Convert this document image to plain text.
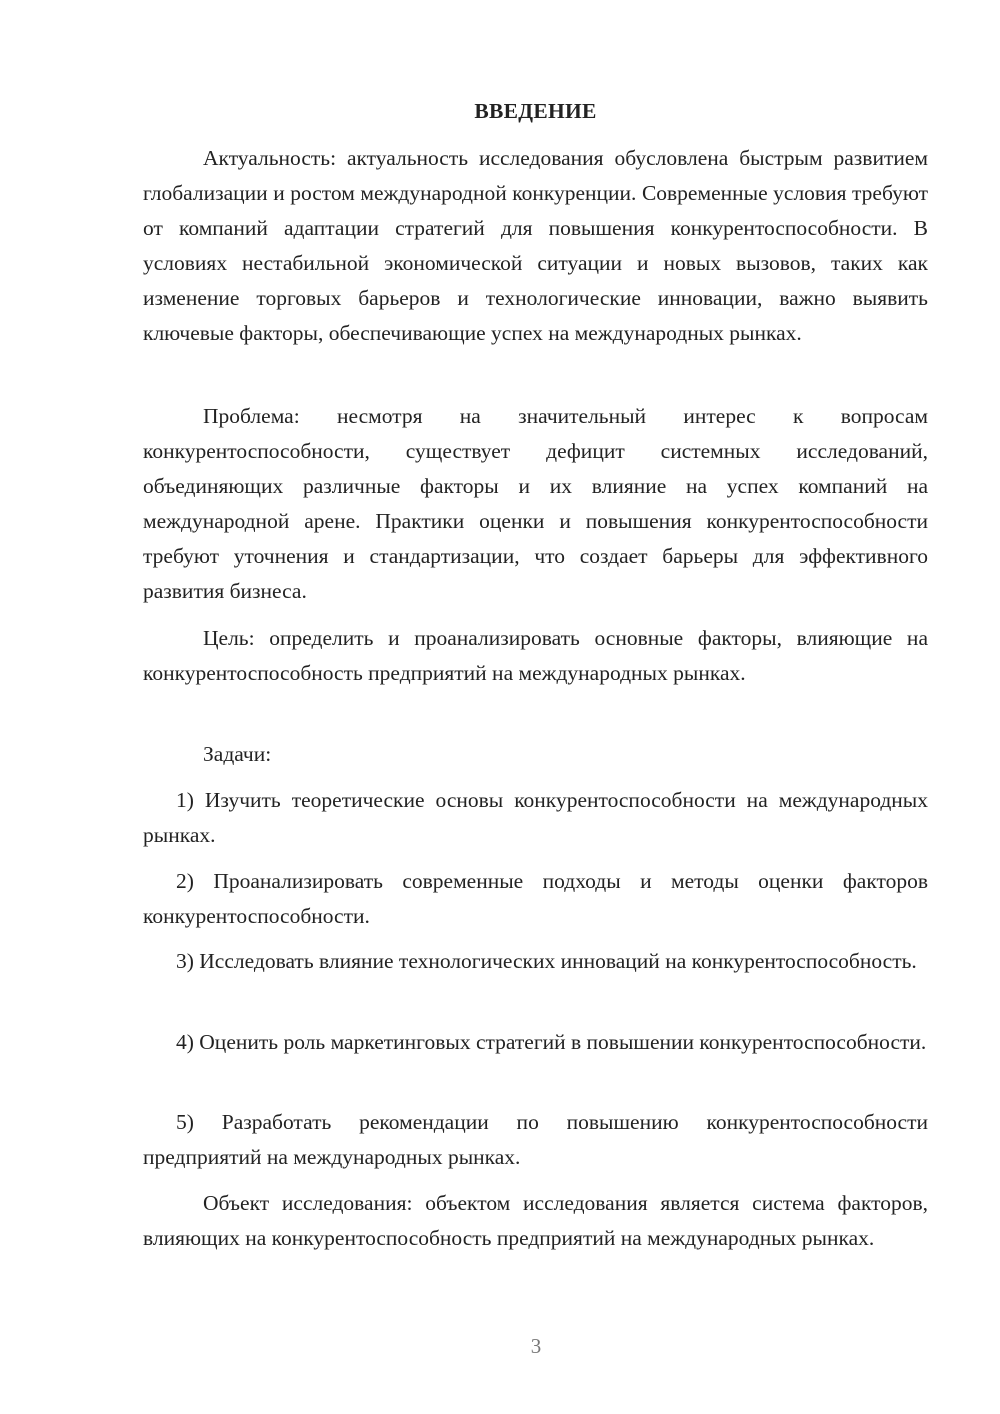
ВВЕДЕНИЕ

Актуальность: актуальность исследования обусловлена быстрым развитием глобализации и ростом международной конкуренции. Современные условия требуют от компаний адаптации стратегий для повышения конкурентоспособности. В условиях нестабильной экономической ситуации и новых вызовов, таких как изменение торговых барьеров и технологические инновации, важно выявить ключевые факторы, обеспечивающие успех на международных рынках.

Проблема: несмотря на значительный интерес к вопросам конкурентоспособности, существует дефицит системных исследований, объединяющих различные факторы и их влияние на успех компаний на международной арене. Практики оценки и повышения конкурентоспособности требуют уточнения и стандартизации, что создает барьеры для эффективного развития бизнеса.

Цель: определить и проанализировать основные факторы, влияющие на конкурентоспособность предприятий на международных рынках.

Задачи:

1) Изучить теоретические основы конкурентоспособности на международных рынках.

2) Проанализировать современные подходы и методы оценки факторов конкурентоспособности.

3) Исследовать влияние технологических инноваций на конкурентоспособность.

4) Оценить роль маркетинговых стратегий в повышении конкурентоспособности.

5) Разработать рекомендации по повышению конкурентоспособности предприятий на международных рынках.

Объект исследования: объектом исследования является система факторов, влияющих на конкурентоспособность предприятий на международных рынках.

3
